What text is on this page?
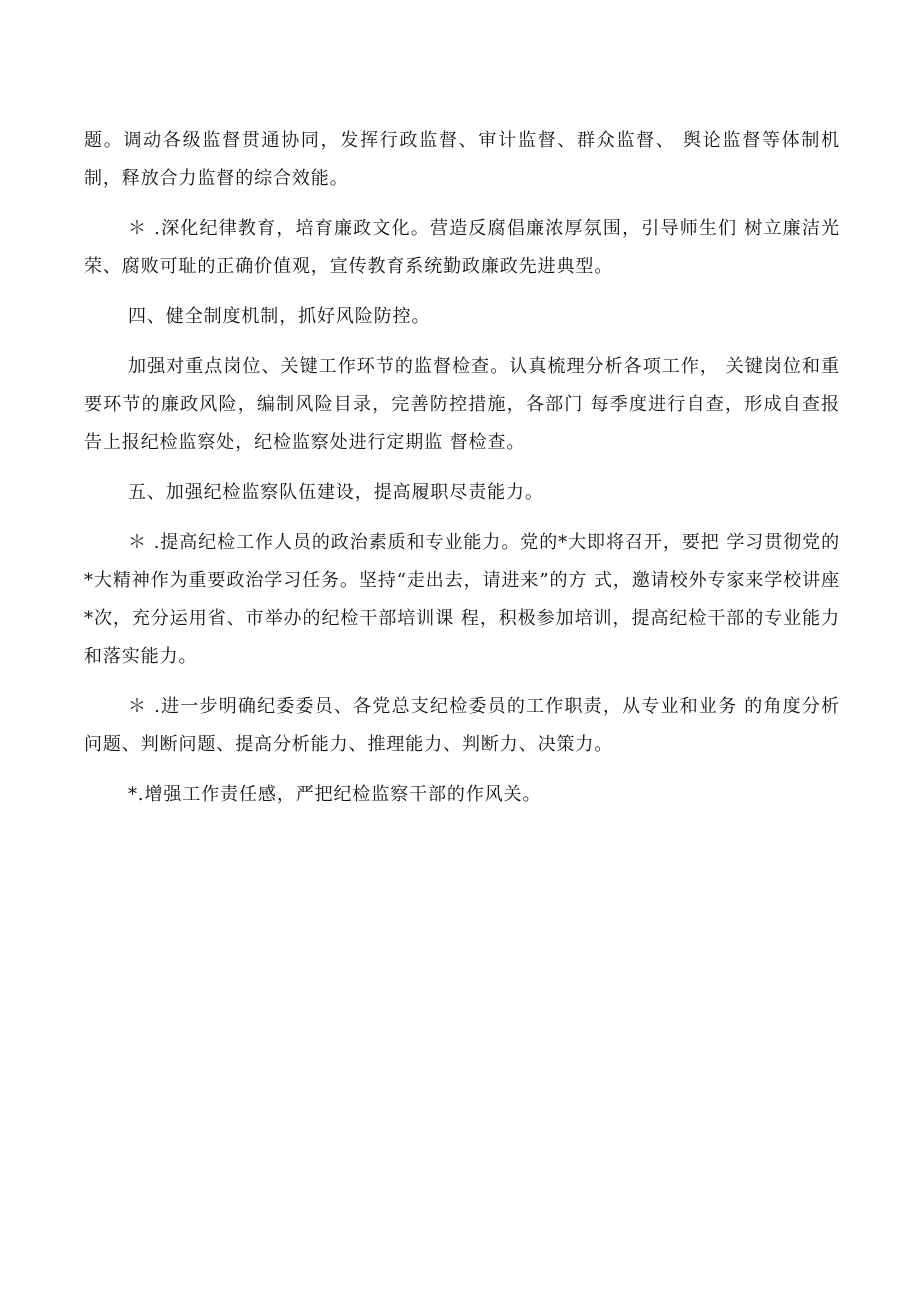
题。调动各级监督贯通协同，发挥行政监督、审计监督、群众监督、 舆论监督等体制机制，释放合力监督的综合效能。

＊ .深化纪律教育，培育廉政文化。营造反腐倡廉浓厚氛围，引导师生们 树立廉洁光荣、腐败可耻的正确价值观，宣传教育系统勤政廉政先进典型。

四、健全制度机制，抓好风险防控。

加强对重点岗位、关键工作环节的监督检查。认真梳理分析各项工作， 关键岗位和重要环节的廉政风险，编制风险目录，完善防控措施，各部门 每季度进行自查，形成自查报告上报纪检监察处，纪检监察处进行定期监 督检查。

五、加强纪检监察队伍建设，提高履职尽责能力。

＊ .提高纪检工作人员的政治素质和专业能力。党的*大即将召开，要把 学习贯彻党的*大精神作为重要政治学习任务。坚持“走出去，请进来”的方 式，邀请校外专家来学校讲座*次，充分运用省、市举办的纪检干部培训课 程，积极参加培训，提高纪检干部的专业能力和落实能力。

＊ .进一步明确纪委委员、各党总支纪检委员的工作职责，从专业和业务 的角度分析问题、判断问题、提高分析能力、推理能力、判断力、决策力。

*.增强工作责任感，严把纪检监察干部的作风关。
